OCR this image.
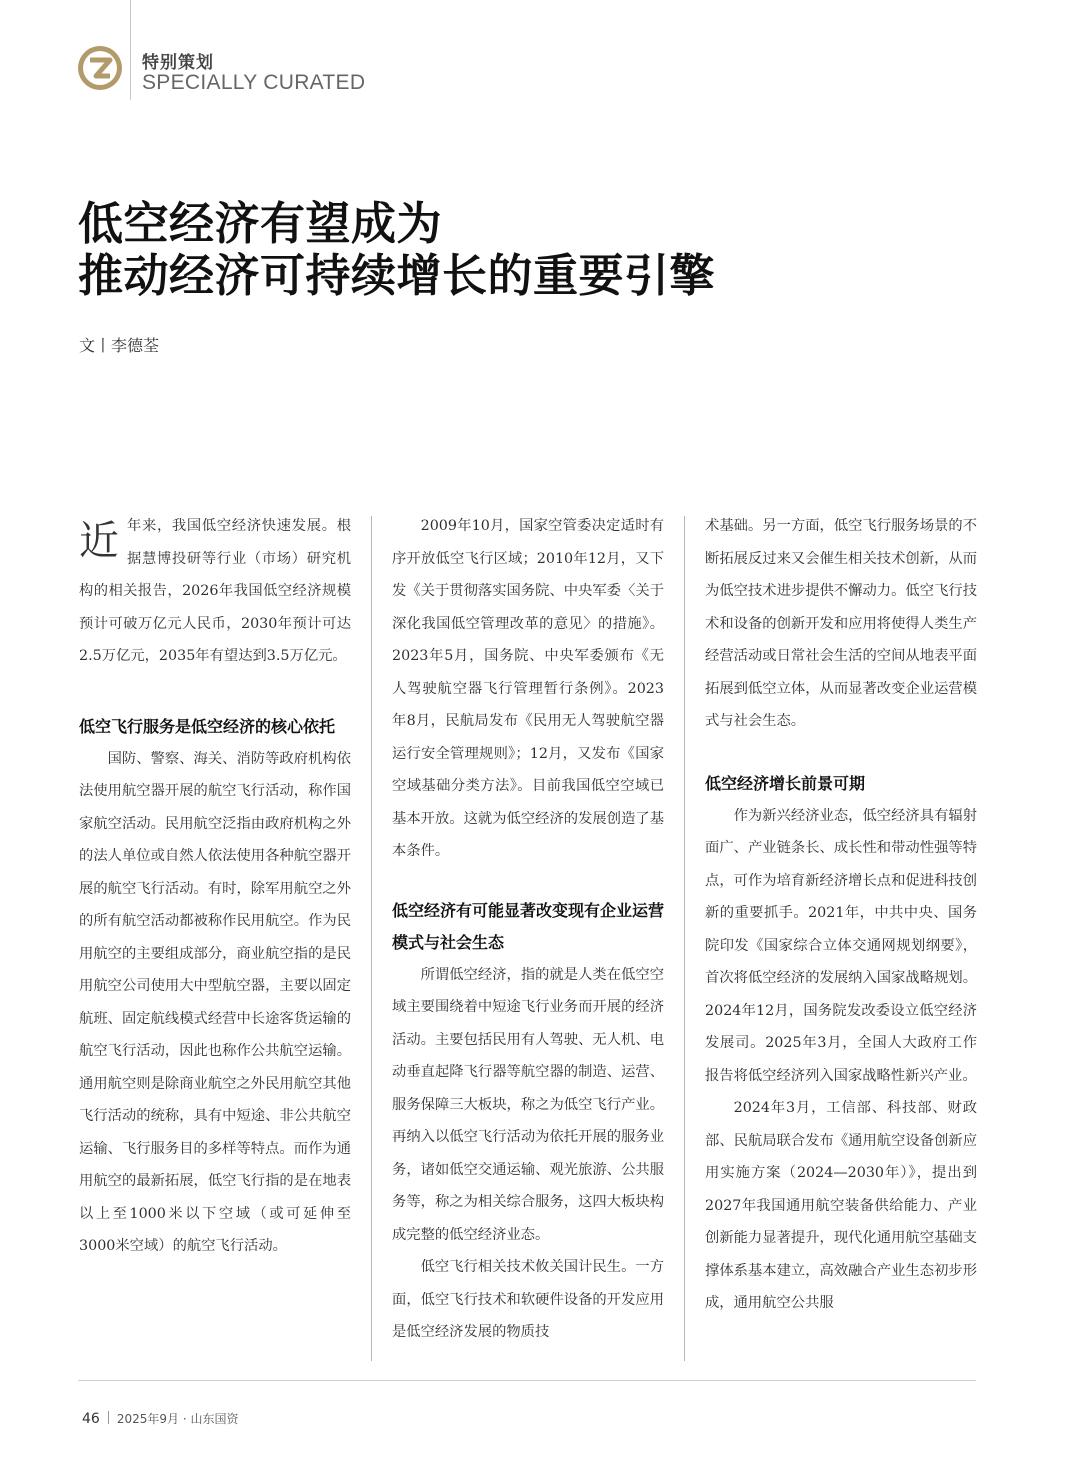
特别策划
SPECIALLY CURATED
低空经济有望成为
推动经济可持续增长的重要引擎
文丨李德荃

近年来，我国低空经济快速发展。根据慧博投研等行业（市场）研究机构的相关报告，2026年我国低空经济规模预计可破万亿元人民币，2030年预计可达2.5万亿元，2035年有望达到3.5万亿元。

低空飞行服务是低空经济的核心依托

国防、警察、海关、消防等政府机构依法使用航空器开展的航空飞行活动，称作国家航空活动。民用航空泛指由政府机构之外的法人单位或自然人依法使用各种航空器开展的航空飞行活动。有时，除军用航空之外的所有航空活动都被称作民用航空。作为民用航空的主要组成部分，商业航空指的是民用航空公司使用大中型航空器，主要以固定航班、固定航线模式经营中长途客货运输的航空飞行活动，因此也称作公共航空运输。通用航空则是除商业航空之外民用航空其他飞行活动的统称，具有中短途、非公共航空运输、飞行服务目的多样等特点。而作为通用航空的最新拓展，低空飞行指的是在地表以上至1000米以下空域（或可延伸至3000米空域）的航空飞行活动。

2009年10月，国家空管委决定适时有序开放低空飞行区域；2010年12月，又下发《关于贯彻落实国务院、中央军委〈关于深化我国低空管理改革的意见〉的措施》。2023年5月，国务院、中央军委颁布《无人驾驶航空器飞行管理暂行条例》。2023年8月，民航局发布《民用无人驾驶航空器运行安全管理规则》；12月，又发布《国家空域基础分类方法》。目前我国低空空域已基本开放。这就为低空经济的发展创造了基本条件。

低空经济有可能显著改变现有企业运营模式与社会生态

所谓低空经济，指的就是人类在低空空域主要围绕着中短途飞行业务而开展的经济活动。主要包括民用有人驾驶、无人机、电动垂直起降飞行器等航空器的制造、运营、服务保障三大板块，称之为低空飞行产业。再纳入以低空飞行活动为依托开展的服务业务，诸如低空交通运输、观光旅游、公共服务等，称之为相关综合服务，这四大板块构成完整的低空经济业态。

低空飞行相关技术攸关国计民生。一方面，低空飞行技术和软硬件设备的开发应用是低空经济发展的物质技

术基础。另一方面，低空飞行服务场景的不断拓展反过来又会催生相关技术创新，从而为低空技术进步提供不懈动力。低空飞行技术和设备的创新开发和应用将使得人类生产经营活动或日常社会生活的空间从地表平面拓展到低空立体，从而显著改变企业运营模式与社会生态。

低空经济增长前景可期

作为新兴经济业态，低空经济具有辐射面广、产业链条长、成长性和带动性强等特点，可作为培育新经济增长点和促进科技创新的重要抓手。2021年，中共中央、国务院印发《国家综合立体交通网规划纲要》，首次将低空经济的发展纳入国家战略规划。2024年12月，国务院发改委设立低空经济发展司。2025年3月，全国人大政府工作报告将低空经济列入国家战略性新兴产业。

2024年3月，工信部、科技部、财政部、民航局联合发布《通用航空设备创新应用实施方案（2024—2030年）》，提出到2027年我国通用航空装备供给能力、产业创新能力显著提升，现代化通用航空基础支撑体系基本建立，高效融合产业生态初步形成，通用航空公共服

46 2025年9月 · 山东国资
